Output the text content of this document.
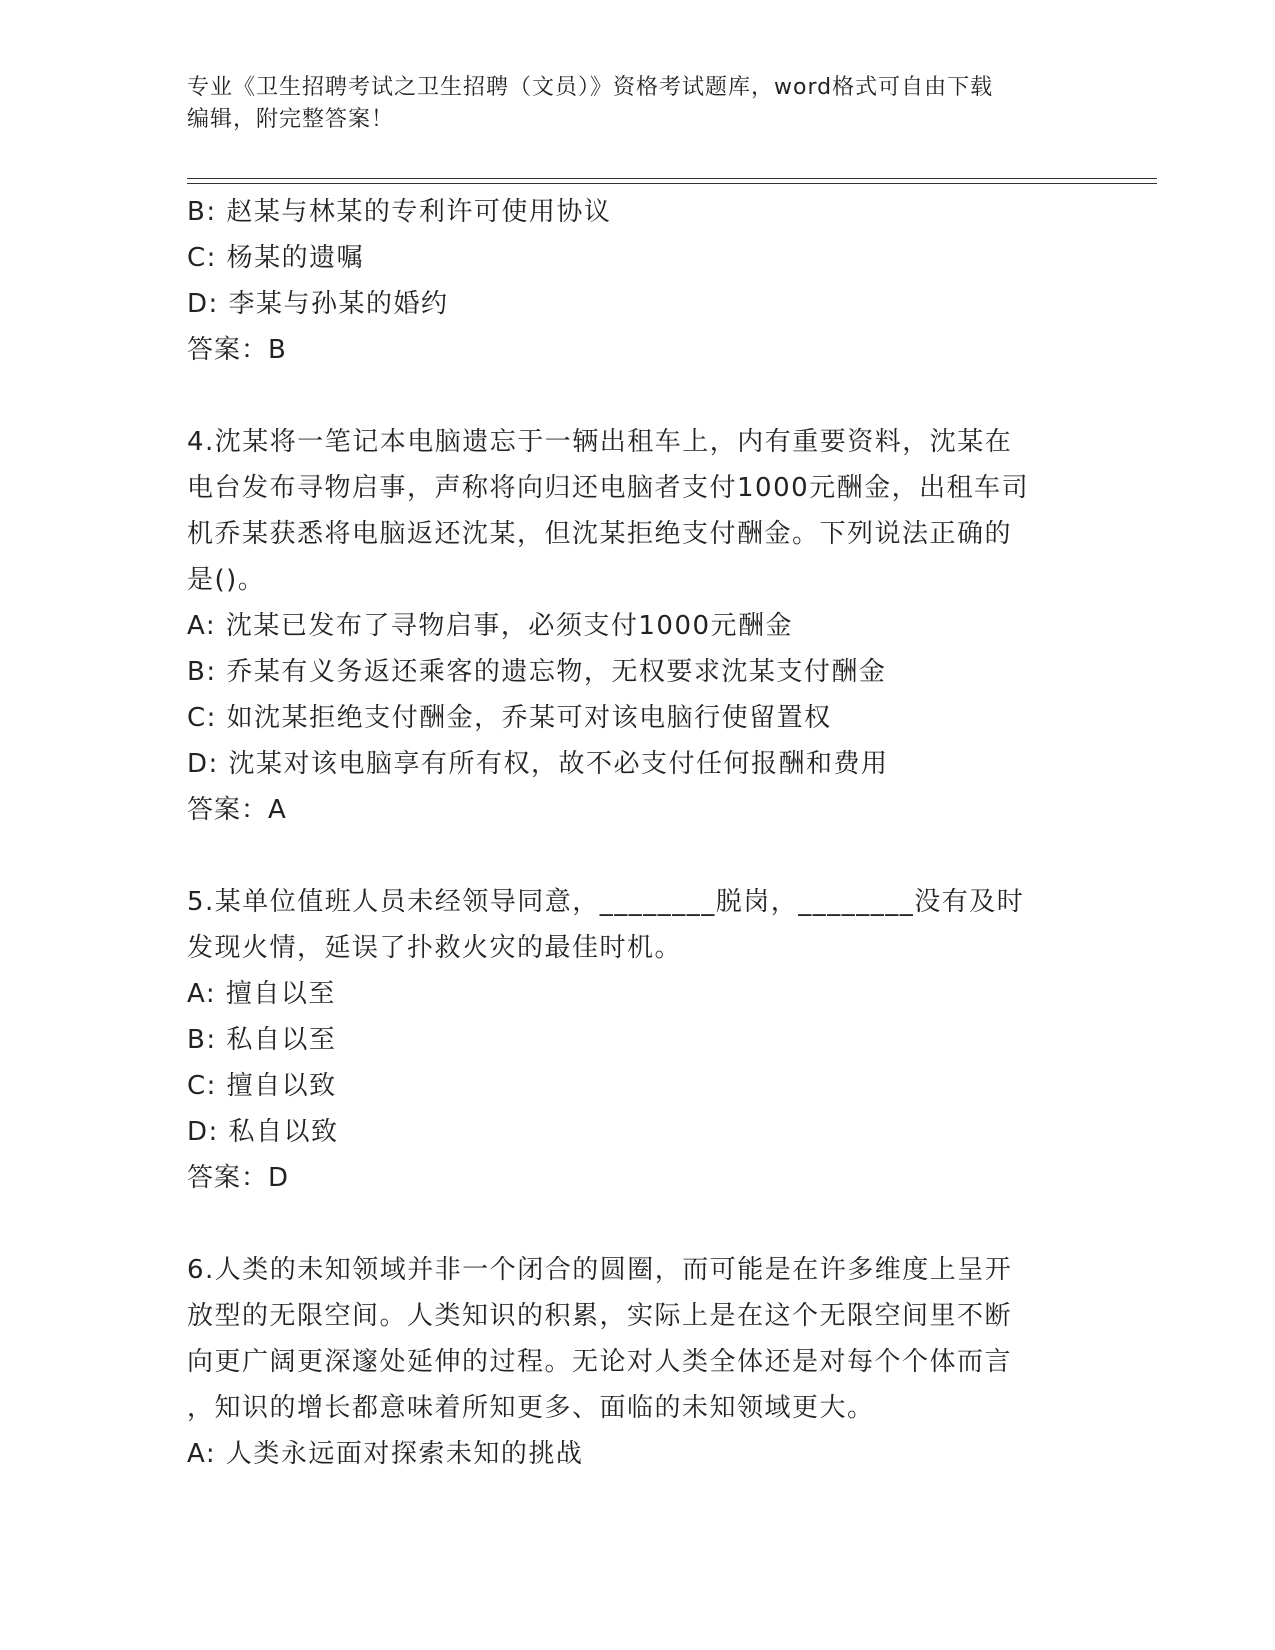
专业《卫生招聘考试之卫生招聘（文员）》资格考试题库，word格式可自由下载
编辑，附完整答案！
B: 赵某与林某的专利许可使用协议
C: 杨某的遗嘱
D: 李某与孙某的婚约
答案：B
4.沈某将一笔记本电脑遗忘于一辆出租车上，内有重要资料，沈某在
电台发布寻物启事，声称将向归还电脑者支付1000元酬金，出租车司
机乔某获悉将电脑返还沈某，但沈某拒绝支付酬金。下列说法正确的
是()。
A: 沈某已发布了寻物启事，必须支付1000元酬金
B: 乔某有义务返还乘客的遗忘物，无权要求沈某支付酬金
C: 如沈某拒绝支付酬金，乔某可对该电脑行使留置权
D: 沈某对该电脑享有所有权，故不必支付任何报酬和费用
答案：A
5.某单位值班人员未经领导同意，________脱岗，________没有及时
发现火情，延误了扑救火灾的最佳时机。
A: 擅自以至
B: 私自以至
C: 擅自以致
D: 私自以致
答案：D
6.人类的未知领域并非一个闭合的圆圈，而可能是在许多维度上呈开
放型的无限空间。人类知识的积累，实际上是在这个无限空间里不断
向更广阔更深邃处延伸的过程。无论对人类全体还是对每个个体而言
，知识的增长都意味着所知更多、面临的未知领域更大。
A: 人类永远面对探索未知的挑战
